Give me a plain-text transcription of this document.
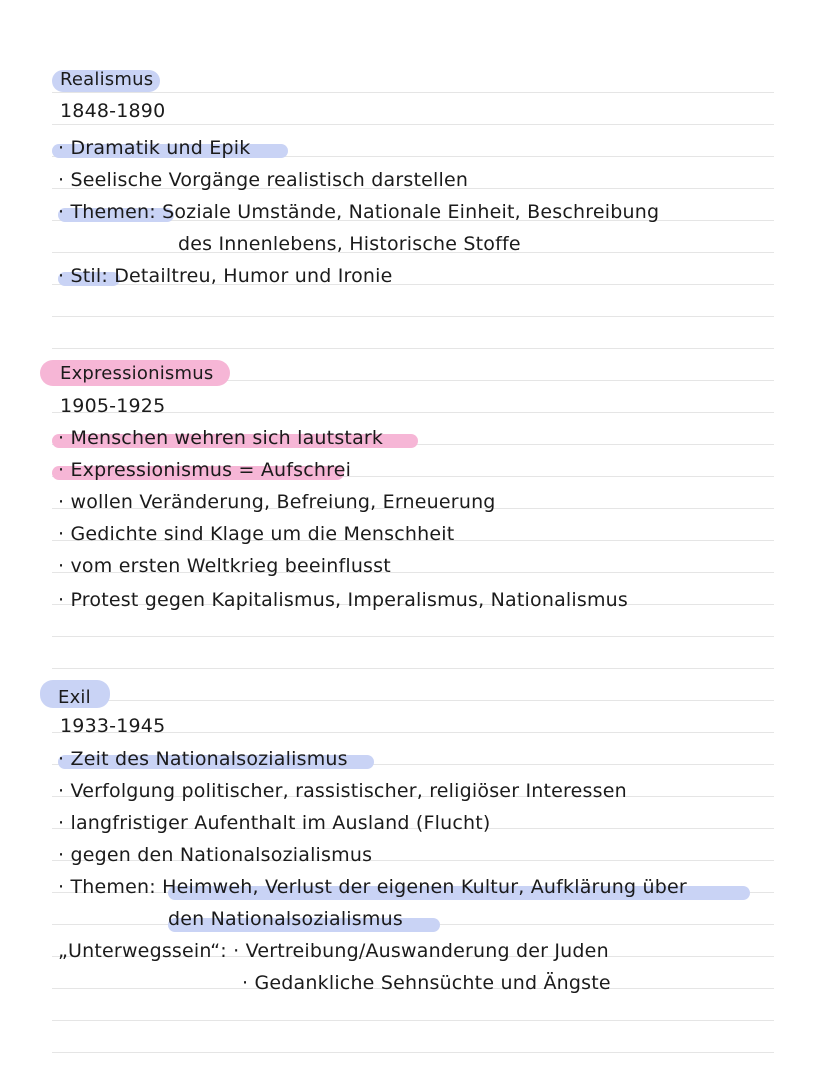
Realismus
1848-1890
· Dramatik und Epik
· Seelische Vorgänge realistisch darstellen
· Themen: Soziale Umstände, Nationale Einheit, Beschreibung
des Innenlebens, Historische Stoffe
· Stil: Detailtreu, Humor und Ironie
Expressionismus
1905-1925
· Menschen wehren sich lautstark
· Expressionismus = Aufschrei
· wollen Veränderung, Befreiung, Erneuerung
· Gedichte sind Klage um die Menschheit
· vom ersten Weltkrieg beeinflusst
· Protest gegen Kapitalismus, Imperalismus, Nationalismus
Exil
1933-1945
· Zeit des Nationalsozialismus
· Verfolgung politischer, rassistischer, religiöser Interessen
· langfristiger Aufenthalt im Ausland (Flucht)
· gegen den Nationalsozialismus
· Themen: Heimweh, Verlust der eigenen Kultur, Aufklärung über
den Nationalsozialismus
„Unterwegssein“: · Vertreibung/Auswanderung der Juden
· Gedankliche Sehnsüchte und Ängste
